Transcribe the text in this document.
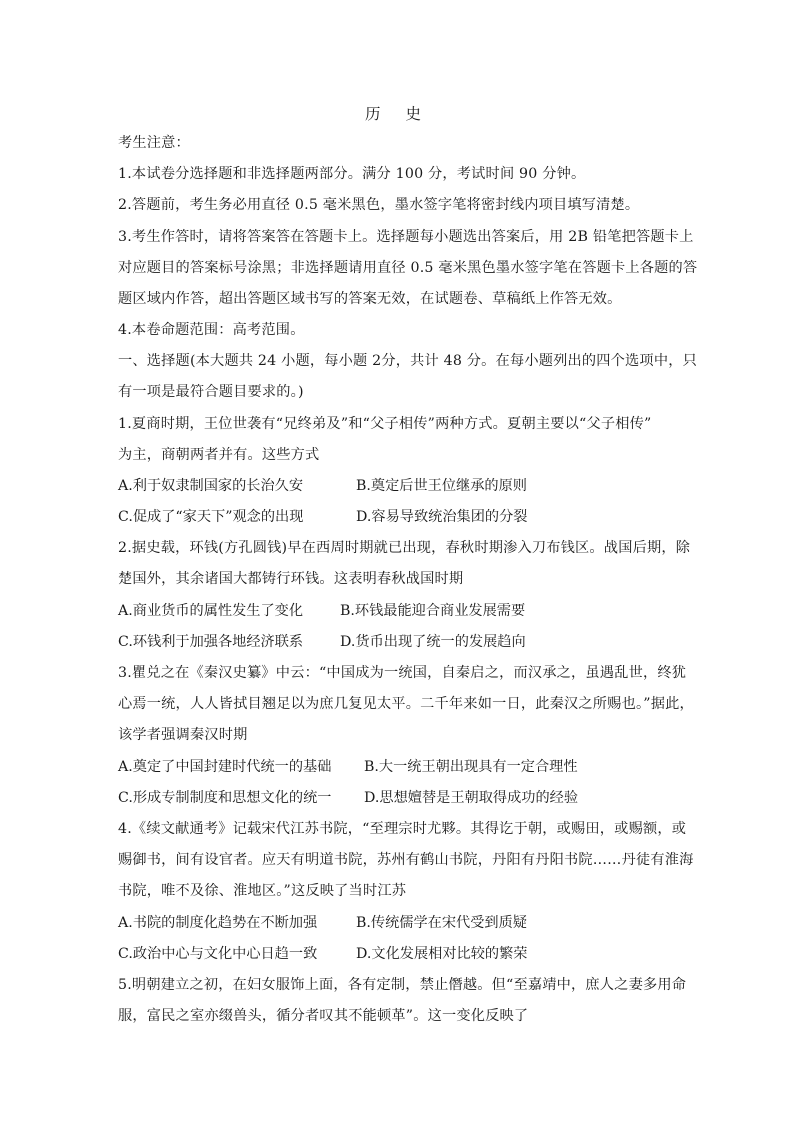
历 史
考生注意：
1.本试卷分选择题和非选择题两部分。满分 100 分，考试时间 90 分钟。
2.答题前，考生务必用直径 0.5 毫米黑色，墨水签字笔将密封线内项目填写清楚。
3.考生作答时，请将答案答在答题卡上。选择题每小题选出答案后，用 2B 铅笔把答题卡上
对应题目的答案标号涂黑；非选择题请用直径 0.5 毫米黑色墨水签字笔在答题卡上各题的答
题区域内作答，超出答题区域书写的答案无效，在试题卷、草稿纸上作答无效。
4.本卷命题范围：高考范围。
一、选择题(本大题共 24 小题，每小题 2分，共计 48 分。在每小题列出的四个选项中，只
有一项是最符合题目要求的。)
1.夏商时期，王位世袭有“兄终弟及”和“父子相传”两种方式。夏朝主要以“父子相传”
为主，商朝两者并有。这些方式
A.利于奴隶制国家的长治久安	B.奠定后世王位继承的原则
C.促成了“家天下”观念的出现	D.容易导致统治集团的分裂
2.据史载，环钱(方孔圆钱)早在西周时期就已出现，春秋时期渗入刀布钱区。战国后期，除
楚国外，其余诸国大都铸行环钱。这表明春秋战国时期
A.商业货币的属性发生了变化	B.环钱最能迎合商业发展需要
C.环钱利于加强各地经济联系	D.货币出现了统一的发展趋向
3.瞿兑之在《秦汉史纂》中云：“中国成为一统国，自秦启之，而汉承之，虽遇乱世，终犹
心焉一统，人人皆拭目翘足以为庶几复见太平。二千年来如一日，此秦汉之所赐也。”据此，
该学者强调秦汉时期
A.奠定了中国封建时代统一的基础 B.大一统王朝出现具有一定合理性
C.形成专制制度和思想文化的统一 D.思想嬗替是王朝取得成功的经验
4.《续文献通考》记载宋代江苏书院，“至理宗时尤夥。其得讫于朝，或赐田，或赐额，或
赐御书，间有设官者。应天有明道书院，苏州有鹤山书院，丹阳有丹阳书院……丹徒有淮海
书院，唯不及徐、淮地区。”这反映了当时江苏
A.书院的制度化趋势在不断加强	B.传统儒学在宋代受到质疑
C.政治中心与文化中心日趋一致	D.文化发展相对比较的繁荣
5.明朝建立之初，在妇女服饰上面，各有定制，禁止僭越。但“至嘉靖中，庶人之妻多用命
服，富民之室亦缀兽头，循分者叹其不能顿革”。这一变化反映了
